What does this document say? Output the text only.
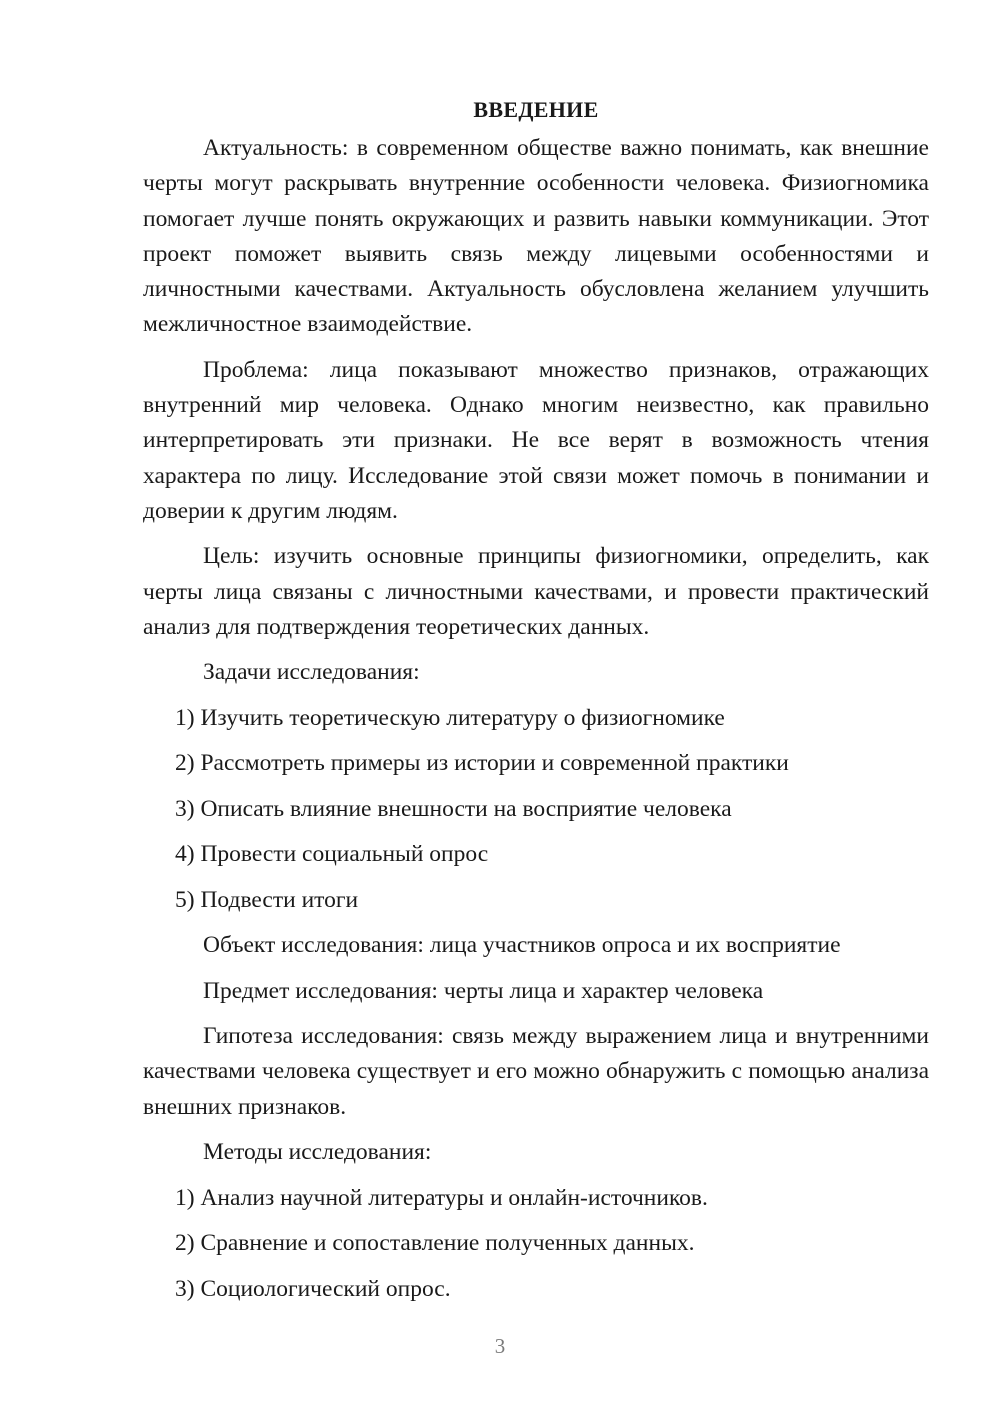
ВВЕДЕНИЕ

Актуальность: в современном обществе важно понимать, как внешние черты могут раскрывать внутренние особенности человека. Физиогномика помогает лучше понять окружающих и развить навыки коммуникации. Этот проект поможет выявить связь между лицевыми особенностями и личностными качествами. Актуальность обусловлена желанием улучшить межличностное взаимодействие.

Проблема: лица показывают множество признаков, отражающих внутренний мир человека. Однако многим неизвестно, как правильно интерпретировать эти признаки. Не все верят в возможность чтения характера по лицу. Исследование этой связи может помочь в понимании и доверии к другим людям.

Цель: изучить основные принципы физиогномики, определить, как черты лица связаны с личностными качествами, и провести практический анализ для подтверждения теоретических данных.

Задачи исследования:
1) Изучить теоретическую литературу о физиогномике
2) Рассмотреть примеры из истории и современной практики
3) Описать влияние внешности на восприятие человека
4) Провести социальный опрос
5) Подвести итоги
Объект исследования: лица участников опроса и их восприятие
Предмет исследования: черты лица и характер человека

Гипотеза исследования: связь между выражением лица и внутренними качествами человека существует и его можно обнаружить с помощью анализа внешних признаков.

Методы исследования:
1) Анализ научной литературы и онлайн-источников.
2) Сравнение и сопоставление полученных данных.
3) Социологический опрос.
3
